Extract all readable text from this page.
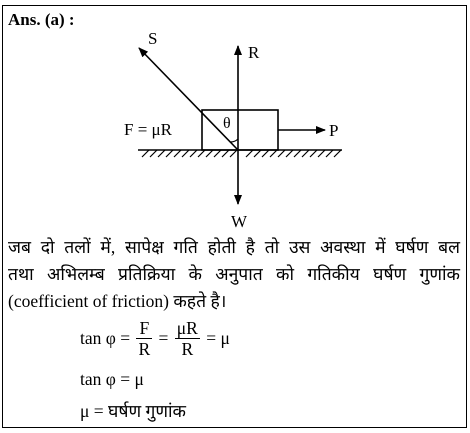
Ans. (a) :
S
R
W
P
θ
F = μR
जब दो तलों में, सापेक्ष गति होती है तो उस अवस्था में घर्षण बल
तथा अभिलम्ब प्रतिक्रिया के अनुपात को गतिकीय घर्षण गुणांक
(coefficient of friction) कहते है।
$\tan \varphi = \frac{F}{R} = \frac{\mu R}{R} = \mu$
tan φ = μ
μ = घर्षण गुणांक
